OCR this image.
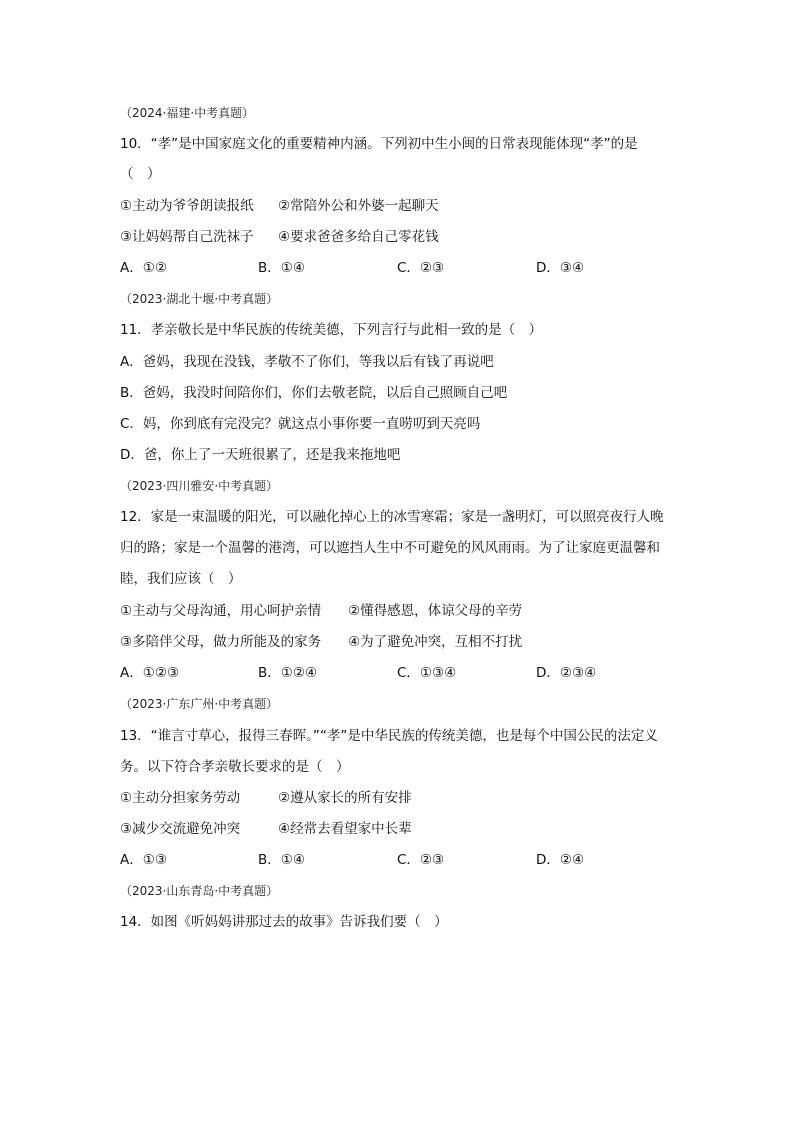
（2024·福建·中考真题）
10．“孝”是中国家庭文化的重要精神内涵。下列初中生小闽的日常表现能体现“孝”的是
（　）
①主动为爷爷朗读报纸 ②常陪外公和外婆一起聊天
③让妈妈帮自己洗袜子 ④要求爸爸多给自己零花钱
A．①②	B．①④	C．②③	D．③④
（2023·湖北十堰·中考真题）
11．孝亲敬长是中华民族的传统美德，下列言行与此相一致的是（　）
A．爸妈，我现在没钱，孝敬不了你们，等我以后有钱了再说吧
B．爸妈，我没时间陪你们，你们去敬老院，以后自己照顾自己吧
C．妈，你到底有完没完？就这点小事你要一直唠叨到天亮吗
D．爸，你上了一天班很累了，还是我来拖地吧
（2023·四川雅安·中考真题）
12．家是一束温暖的阳光，可以融化掉心上的冰雪寒霜；家是一盏明灯，可以照亮夜行人晚
归的路；家是一个温馨的港湾，可以遮挡人生中不可避免的风风雨雨。为了让家庭更温馨和
睦，我们应该（　）
①主动与父母沟通，用心呵护亲情 ②懂得感恩，体谅父母的辛劳
③多陪伴父母，做力所能及的家务 ④为了避免冲突，互相不打扰
A．①②③	B．①②④	C．①③④	D．②③④
（2023·广东广州·中考真题）
13．“谁言寸草心，报得三春晖。”“孝”是中华民族的传统美德，也是每个中国公民的法定义
务。以下符合孝亲敬长要求的是（　）
①主动分担家务劳动	②遵从家长的所有安排
③减少交流避免冲突	④经常去看望家中长辈
A．①③	B．①④	C．②③	D．②④
（2023·山东青岛·中考真题）
14．如图《听妈妈讲那过去的故事》告诉我们要（　）
